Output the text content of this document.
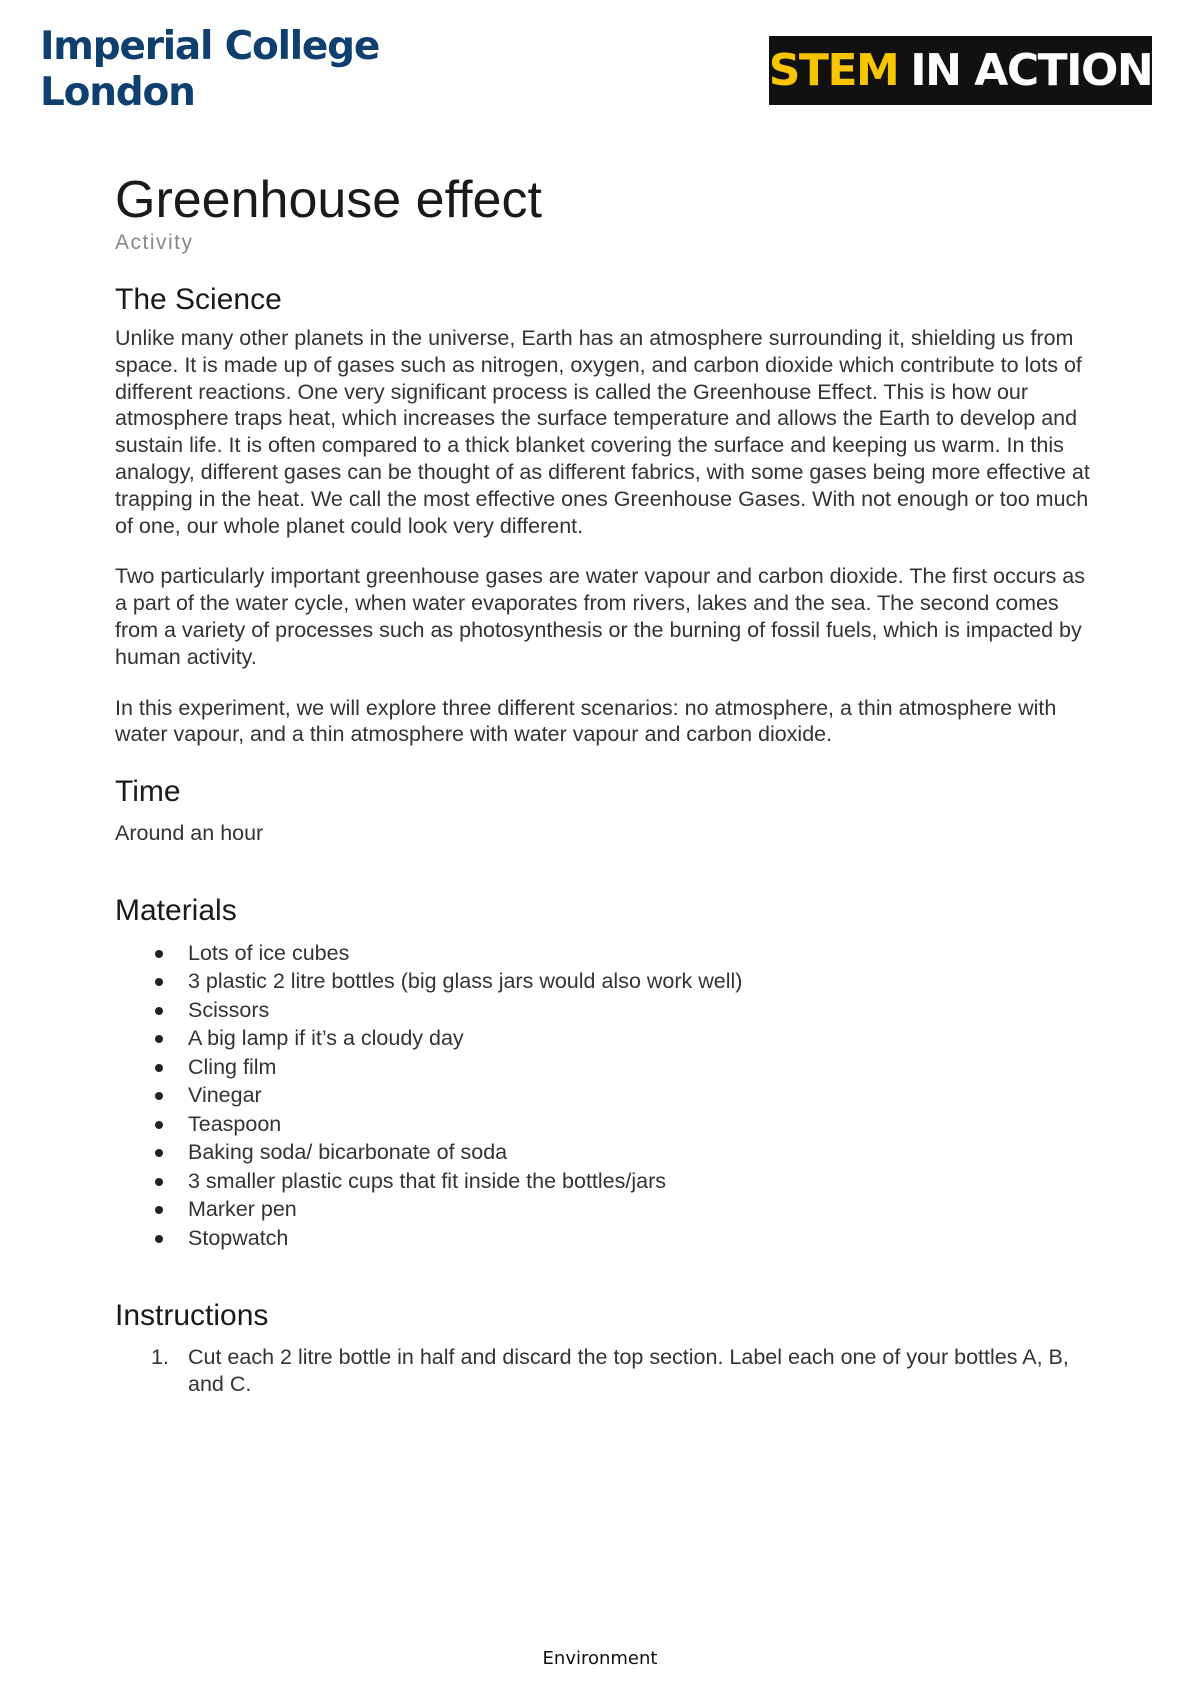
Imperial College
London	STEM IN ACTION
Greenhouse effect
Activity
The Science

Unlike many other planets in the universe, Earth has an atmosphere surrounding it, shielding us from space. It is made up of gases such as nitrogen, oxygen, and carbon dioxide which contribute to lots of different reactions. One very significant process is called the Greenhouse Effect. This is how our atmosphere traps heat, which increases the surface temperature and allows the Earth to develop and sustain life. It is often compared to a thick blanket covering the surface and keeping us warm. In this analogy, different gases can be thought of as different fabrics, with some gases being more effective at trapping in the heat. We call the most effective ones Greenhouse Gases. With not enough or too much of one, our whole planet could look very different.

Two particularly important greenhouse gases are water vapour and carbon dioxide. The first occurs as a part of the water cycle, when water evaporates from rivers, lakes and the sea. The second comes from a variety of processes such as photosynthesis or the burning of fossil fuels, which is impacted by human activity.

In this experiment, we will explore three different scenarios: no atmosphere, a thin atmosphere with water vapour, and a thin atmosphere with water vapour and carbon dioxide.

Time

Around an hour

Materials
Lots of ice cubes
3 plastic 2 litre bottles (big glass jars would also work well)
Scissors
A big lamp if it’s a cloudy day
Cling film
Vinegar
Teaspoon
Baking soda/ bicarbonate of soda
3 smaller plastic cups that fit inside the bottles/jars
Marker pen
Stopwatch
Instructions
1. Cut each 2 litre bottle in half and discard the top section. Label each one of your bottles A, B, and C.
Environment
